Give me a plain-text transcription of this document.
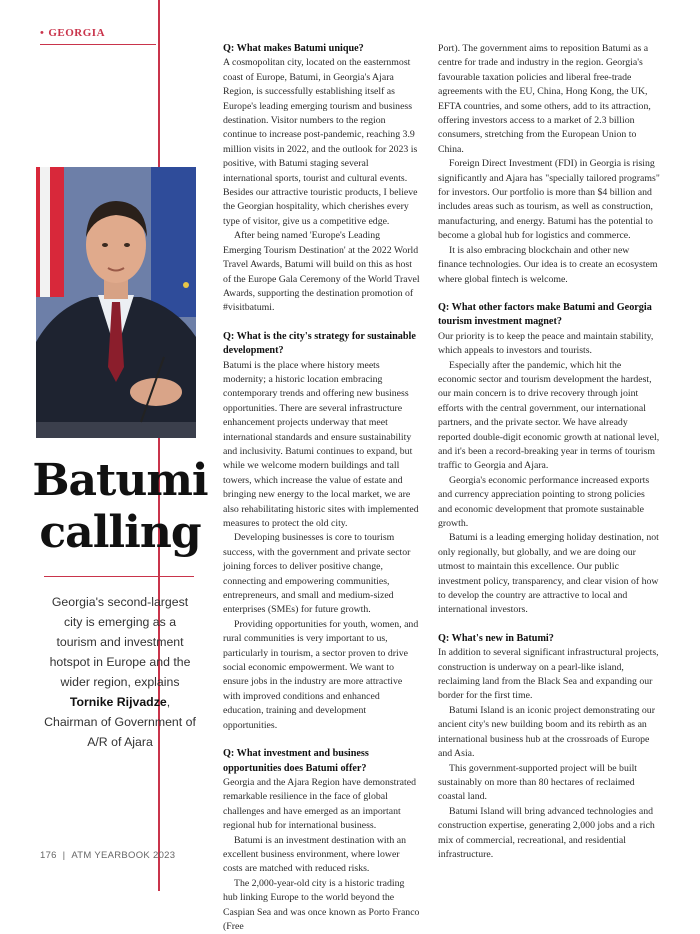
• GEORGIA
Batumi
calling
Georgia's second-largest city is emerging as a tourism and investment hotspot in Europe and the wider region, explains Tornike Rijvadze, Chairman of Government of A/R of Ajara
Q: What makes Batumi unique?

A cosmopolitan city, located on the easternmost coast of Europe, Batumi, in Georgia's Ajara Region, is successfully establishing itself as Europe's leading emerging tourism and business destination. Visitor numbers to the region continue to increase post-pandemic, reaching 3.9 million visits in 2022, and the outlook for 2023 is positive, with Batumi staging several international sports, tourist and cultural events. Besides our attractive touristic products, I believe the Georgian hospitality, which cherishes every type of visitor, give us a competitive edge.

After being named 'Europe's Leading Emerging Tourism Destination' at the 2022 World Travel Awards, Batumi will build on this as host of the Europe Gala Ceremony of the World Travel Awards, supporting the destination promotion of #visitbatumi.

Q: What is the city's strategy for sustainable development?

Batumi is the place where history meets modernity; a historic location embracing contemporary trends and offering new business opportunities. There are several infrastructure enhancement projects underway that meet international standards and ensure sustainability and inclusivity. Batumi continues to expand, but while we welcome modern buildings and tall towers, which increase the value of estate and bringing new energy to the local market, we are also rehabilitating historic sites with implemented measures to protect the old city.

Developing businesses is core to tourism success, with the government and private sector joining forces to deliver positive change, connecting and empowering communities, entrepreneurs, and small and medium-sized enterprises (SMEs) for future growth.

Providing opportunities for youth, women, and rural communities is very important to us, particularly in tourism, a sector proven to drive social economic empowerment. We want to ensure jobs in the industry are more attractive with improved conditions and enhanced education, training and development opportunities.

Q: What investment and business opportunities does Batumi offer?

Georgia and the Ajara Region have demonstrated remarkable resilience in the face of global challenges and have emerged as an important regional hub for international business.

Batumi is an investment destination with an excellent business environment, where lower costs are matched with reduced risks.

The 2,000-year-old city is a historic trading hub linking Europe to the world beyond the Caspian Sea and was once known as Porto Franco (Free

Port). The government aims to reposition Batumi as a centre for trade and industry in the region. Georgia's favourable taxation policies and liberal free-trade agreements with the EU, China, Hong Kong, the UK, EFTA countries, and some others, add to its attraction, offering investors access to a market of 2.3 billion consumers, stretching from the European Union to China.

Foreign Direct Investment (FDI) in Georgia is rising significantly and Ajara has "specially tailored programs" for investors. Our portfolio is more than $4 billion and includes areas such as tourism, as well as construction, manufacturing, and energy. Batumi has the potential to become a global hub for logistics and commerce.

It is also embracing blockchain and other new finance technologies. Our idea is to create an ecosystem where global fintech is welcome.

Q: What other factors make Batumi and Georgia tourism investment magnet?

Our priority is to keep the peace and maintain stability, which appeals to investors and tourists.

Especially after the pandemic, which hit the economic sector and tourism development the hardest, our main concern is to drive recovery through joint efforts with the central government, our international partners, and the private sector. We have already reported double-digit economic growth at national level, and it's been a record-breaking year in terms of tourism traffic to Georgia and Ajara.

Georgia's economic performance increased exports and currency appreciation pointing to strong policies and economic development that promote sustainable growth.

Batumi is a leading emerging holiday destination, not only regionally, but globally, and we are doing our utmost to maintain this excellence. Our public investment policy, transparency, and clear vision of how to develop the country are attractive to local and international investors.

Q: What's new in Batumi?

In addition to several significant infrastructural projects, construction is underway on a pearl-like island, reclaiming land from the Black Sea and expanding our border for the first time.

Batumi Island is an iconic project demonstrating our ancient city's new building boom and its rebirth as an international business hub at the crossroads of Europe and Asia.

This government-supported project will be built sustainably on more than 80 hectares of reclaimed coastal land.

Batumi Island will bring advanced technologies and construction expertise, generating 2,000 jobs and a rich mix of commercial, recreational, and residential infrastructure.

176 | ATM YEARBOOK 2023
